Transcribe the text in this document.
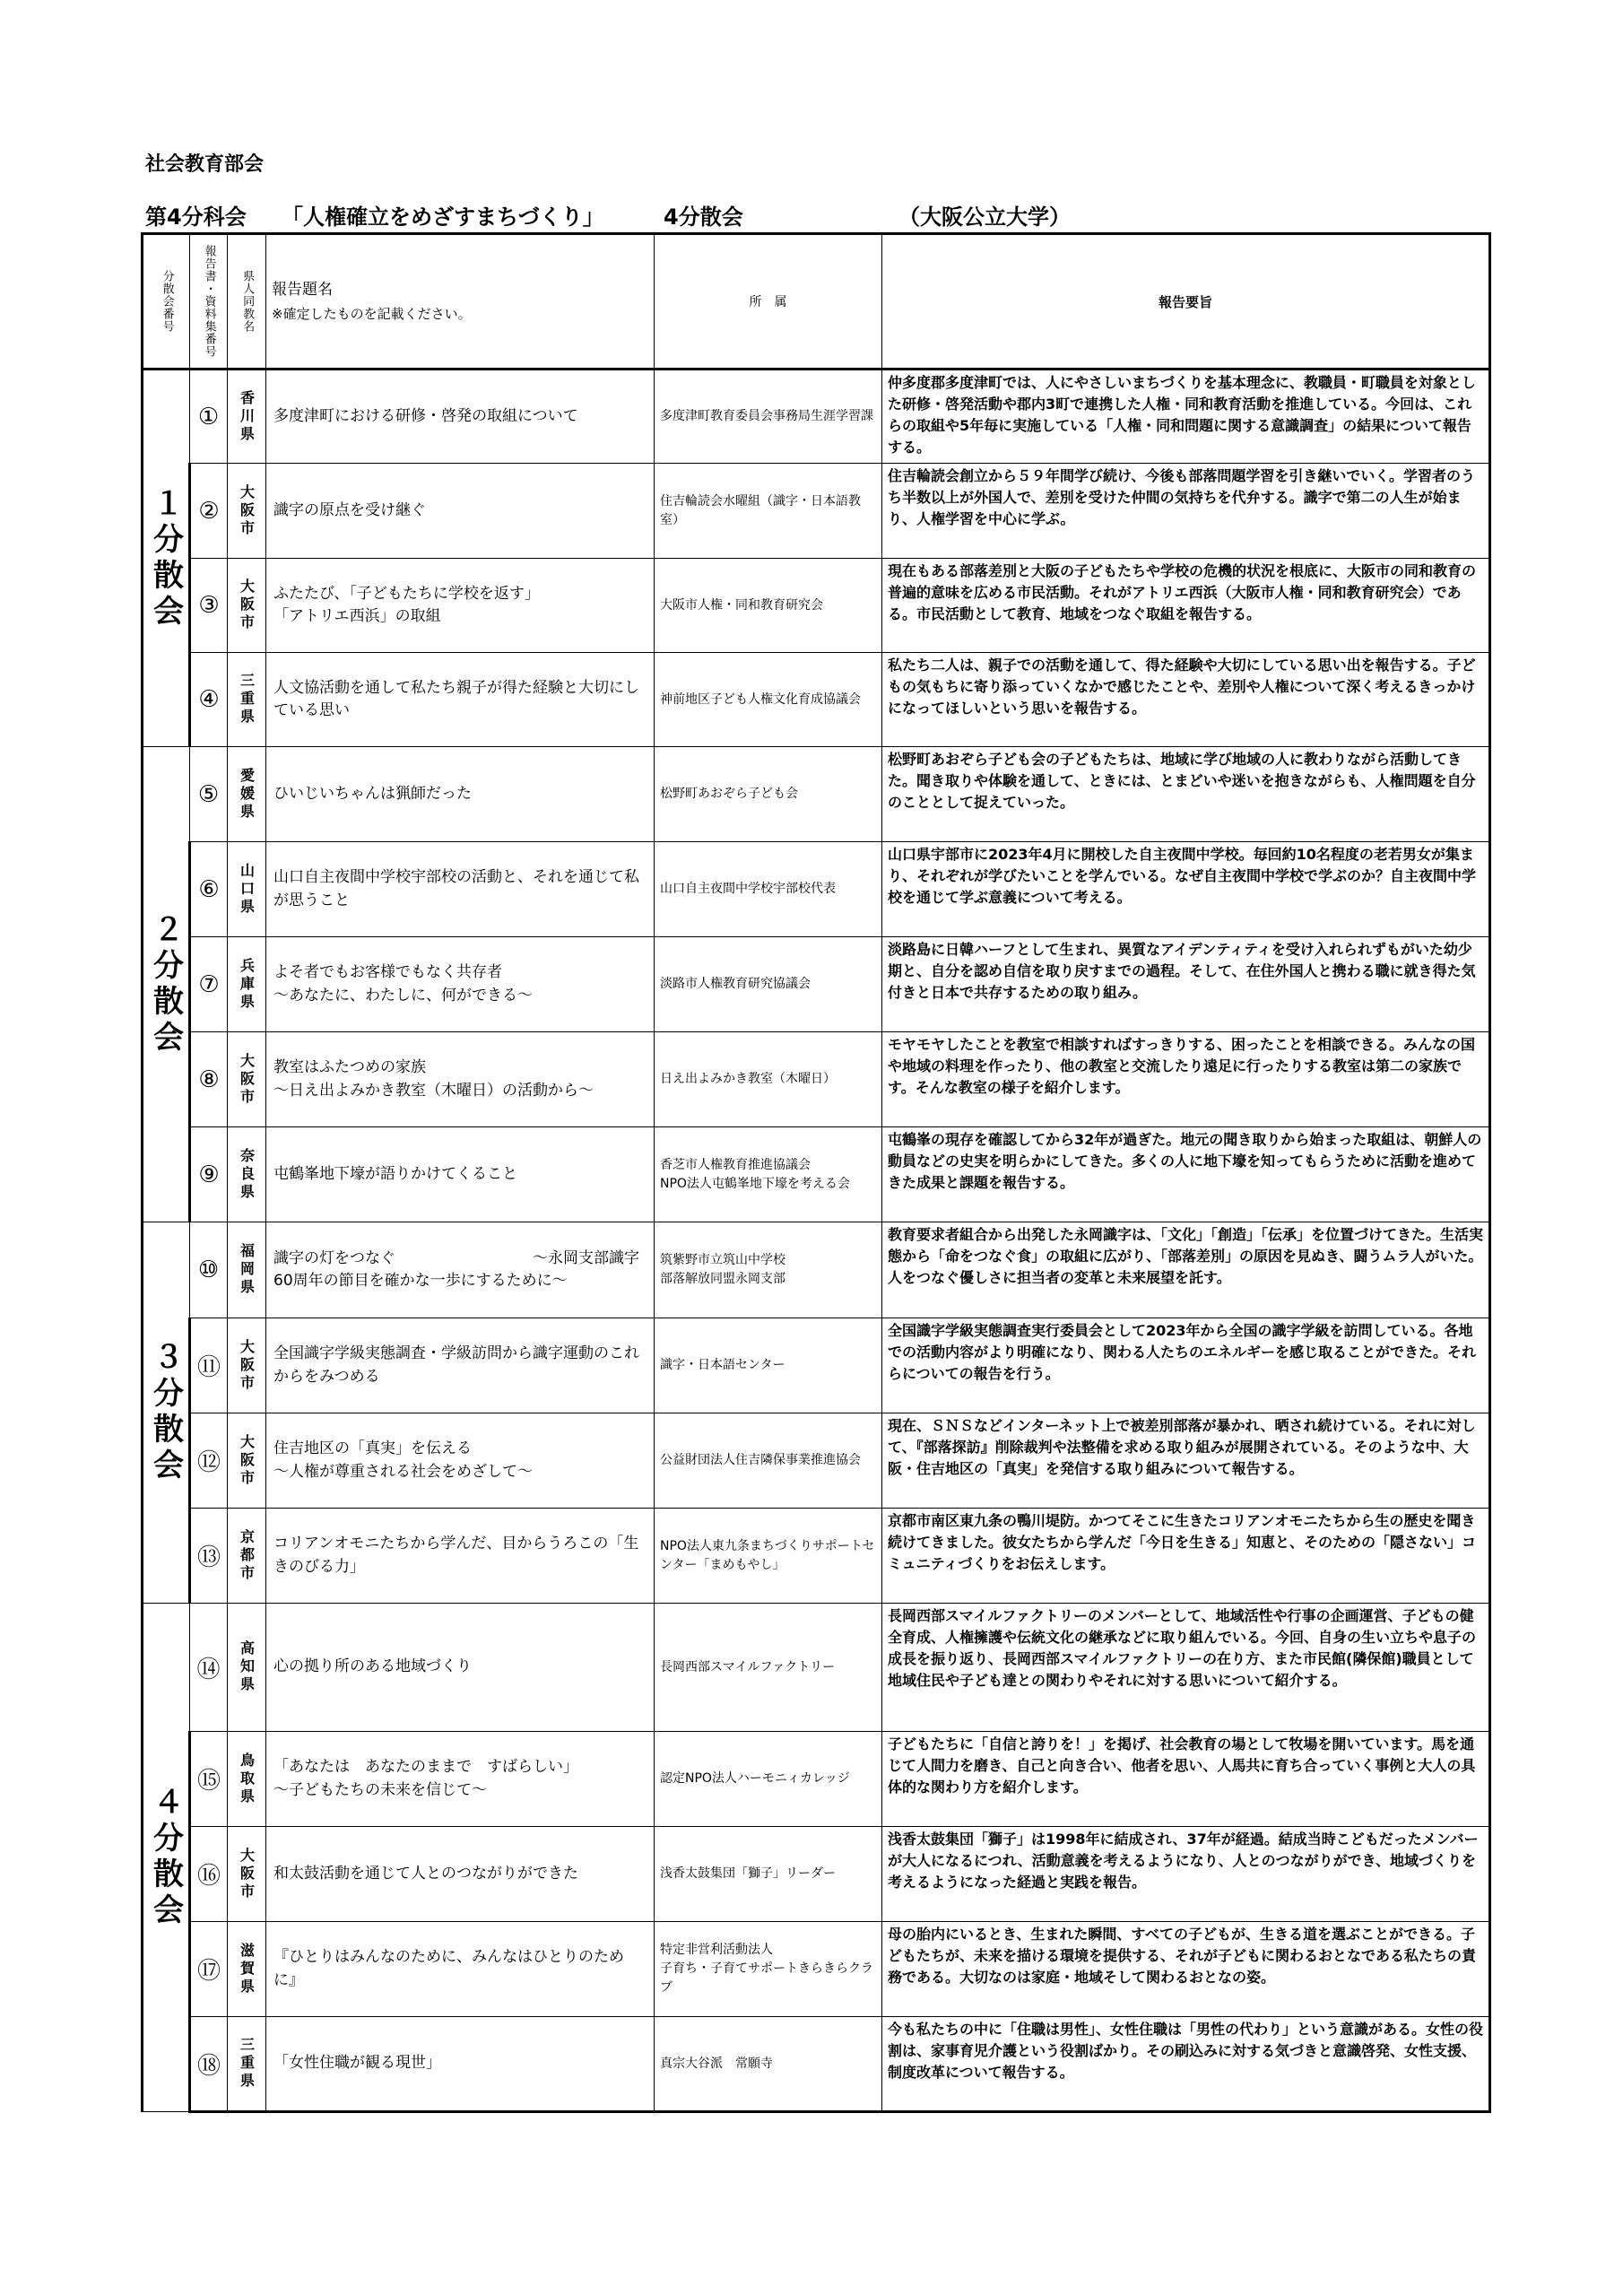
社会教育部会
第4分科会 「人権確立をめざすまちづくり」	4分散会	（大阪公立大学）
分散会番号	報告書・資料集番号	県人同教名	報告題名
※確定したものを記載ください。	所　属	報告要旨

１分散会	①	香川県	多度津町における研修・啓発の取組について	多度津町教育委員会事務局生涯学習課	仲多度郡多度津町では、人にやさしいまちづくりを基本理念に、教職員・町職員を対象とした研修・啓発活動や郡内3町で連携した人権・同和教育活動を推進している。今回は、これらの取組や5年毎に実施している「人権・同和問題に関する意識調査」の結果について報告する。
	②	大阪市	識字の原点を受け継ぐ	住吉輪読会水曜組（識字・日本語教室）	住吉輪読会創立から５９年間学び続け、今後も部落問題学習を引き継いでいく。学習者のうち半数以上が外国人で、差別を受けた仲間の気持ちを代弁する。識字で第二の人生が始まり、人権学習を中心に学ぶ。
	③	大阪市	ふたたび、「子どもたちに学校を返す」
「アトリエ西浜」の取組	大阪市人権・同和教育研究会	現在もある部落差別と大阪の子どもたちや学校の危機的状況を根底に、大阪市の同和教育の普遍的意味を広める市民活動。それがアトリエ西浜（大阪市人権・同和教育研究会）である。市民活動として教育、地域をつなぐ取組を報告する。
	④	三重県	人文協活動を通して私たち親子が得た経験と大切にしている思い	神前地区子ども人権文化育成協議会	私たち二人は、親子での活動を通して、得た経験や大切にしている思い出を報告する。子どもの気もちに寄り添っていくなかで感じたことや、差別や人権について深く考えるきっかけになってほしいという思いを報告する。

２分散会	⑤	愛媛県	ひいじいちゃんは猟師だった	松野町あおぞら子ども会	松野町あおぞら子ども会の子どもたちは、地域に学び地域の人に教わりながら活動してきた。聞き取りや体験を通して、ときには、とまどいや迷いを抱きながらも、人権問題を自分のこととして捉えていった。
	⑥	山口県	山口自主夜間中学校宇部校の活動と、それを通じて私が思うこと	山口自主夜間中学校宇部校代表	山口県宇部市に2023年4月に開校した自主夜間中学校。毎回約10名程度の老若男女が集まり、それぞれが学びたいことを学んでいる。なぜ自主夜間中学校で学ぶのか？自主夜間中学校を通じて学ぶ意義について考える。
	⑦	兵庫県	よそ者でもお客様でもなく共存者
～あなたに、わたしに、何ができる～	淡路市人権教育研究協議会	淡路島に日韓ハーフとして生まれ、異質なアイデンティティを受け入れられずもがいた幼少期と、自分を認め自信を取り戻すまでの過程。そして、在住外国人と携わる職に就き得た気付きと日本で共存するための取り組み。
	⑧	大阪市	教室はふたつめの家族
～日え出よみかき教室（木曜日）の活動から～	日え出よみかき教室（木曜日）	モヤモヤしたことを教室で相談すればすっきりする、困ったことを相談できる。みんなの国や地域の料理を作ったり、他の教室と交流したり遠足に行ったりする教室は第二の家族です。そんな教室の様子を紹介します。
	⑨	奈良県	屯鶴峯地下壕が語りかけてくること	香芝市人権教育推進協議会
NPO法人屯鶴峯地下壕を考える会	屯鶴峯の現存を確認してから32年が過ぎた。地元の聞き取りから始まった取組は、朝鮮人の動員などの史実を明らかにしてきた。多くの人に地下壕を知ってもらうために活動を進めてきた成果と課題を報告する。

３分散会	⑩	福岡県	識字の灯をつなぐ　　　　　　　　　～永岡支部識字60周年の節目を確かな一歩にするために～	筑紫野市立筑山中学校
部落解放同盟永岡支部	教育要求者組合から出発した永岡識字は、「文化」「創造」「伝承」を位置づけてきた。生活実態から「命をつなぐ食」の取組に広がり、「部落差別」の原因を見ぬき、闘うムラ人がいた。人をつなぐ優しさに担当者の変革と未来展望を託す。
	⑪	大阪市	全国識字学級実態調査・学級訪問から識字運動のこれからをみつめる	識字・日本語センター	全国識字学級実態調査実行委員会として2023年から全国の識字学級を訪問している。各地での活動内容がより明確になり、関わる人たちのエネルギーを感じ取ることができた。それらについての報告を行う。
	⑫	大阪市	住吉地区の「真実」を伝える
～人権が尊重される社会をめざして～	公益財団法人住吉隣保事業推進協会	現在、ＳＮＳなどインターネット上で被差別部落が暴かれ、晒され続けている。それに対して、『部落探訪』削除裁判や法整備を求める取り組みが展開されている。そのような中、大阪・住吉地区の「真実」を発信する取り組みについて報告する。
	⑬	京都市	コリアンオモニたちから学んだ、目からうろこの「生きのびる力」	NPO法人東九条まちづくりサポートセンター「まめもやし」	京都市南区東九条の鴨川堤防。かつてそこに生きたコリアンオモニたちから生の歴史を聞き続けてきました。彼女たちから学んだ「今日を生きる」知恵と、そのための「隠さない」コミュニティづくりをお伝えします。

４分散会	⑭	高知県	心の拠り所のある地域づくり	長岡西部スマイルファクトリー	長岡西部スマイルファクトリーのメンバーとして、地域活性や行事の企画運営、子どもの健全育成、人権擁護や伝統文化の継承などに取り組んでいる。今回、自身の生い立ちや息子の成長を振り返り、長岡西部スマイルファクトリーの在り方、また市民館(隣保館)職員として地域住民や子ども達との関わりやそれに対する思いについて紹介する。
	⑮	鳥取県	「あなたは　あなたのままで　すばらしい」
～子どもたちの未来を信じて～	認定NPO法人ハーモニィカレッジ	子どもたちに「自信と誇りを！」を掲げ、社会教育の場として牧場を開いています。馬を通じて人間力を磨き、自己と向き合い、他者を思い、人馬共に育ち合っていく事例と大人の具体的な関わり方を紹介します。
	⑯	大阪市	和太鼓活動を通じて人とのつながりができた	浅香太鼓集団「獅子」リーダー	浅香太鼓集団「獅子」は1998年に結成され、37年が経過。結成当時こどもだったメンバーが大人になるにつれ、活動意義を考えるようになり、人とのつながりができ、地域づくりを考えるようになった経過と実践を報告。
	⑰	滋賀県	『ひとりはみんなのために、みんなはひとりのために』	特定非営利活動法人
子育ち・子育てサポートきらきらクラブ	母の胎内にいるとき、生まれた瞬間、すべての子どもが、生きる道を選ぶことができる。子どもたちが、未来を描ける環境を提供する、それが子どもに関わるおとなである私たちの責務である。大切なのは家庭・地域そして関わるおとなの姿。
	⑱	三重県	「女性住職が観る現世」	真宗大谷派　常願寺	今も私たちの中に「住職は男性」、女性住職は「男性の代わり」という意識がある。女性の役割は、家事育児介護という役割ばかり。その刷込みに対する気づきと意識啓発、女性支援、制度改革について報告する。
